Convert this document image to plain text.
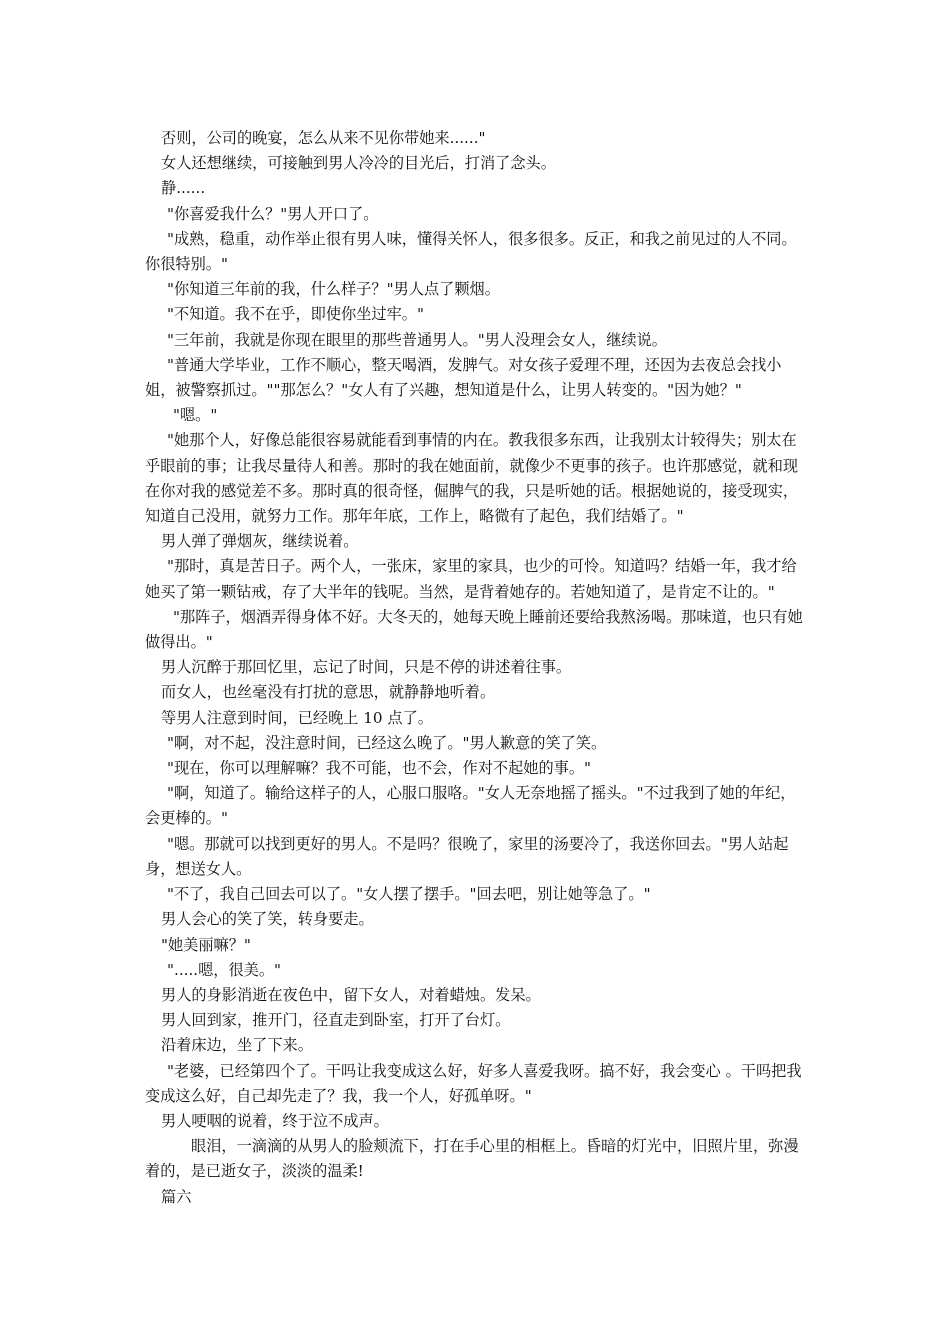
否则，公司的晚宴，怎么从来不见你带她来......"

女人还想继续，可接触到男人冷冷的目光后，打消了念头。

静......

"你喜爱我什么？"男人开口了。

"成熟，稳重，动作举止很有男人味，懂得关怀人，很多很多。反正，和我之前见过的人不同。你很特别。"

"你知道三年前的我，什么样子？"男人点了颗烟。

"不知道。我不在乎，即使你坐过牢。"

"三年前，我就是你现在眼里的那些普通男人。"男人没理会女人，继续说。

"普通大学毕业，工作不顺心，整天喝酒，发脾气。对女孩子爱理不理，还因为去夜总会找小姐，被警察抓过。""那怎么？"女人有了兴趣，想知道是什么，让男人转变的。"因为她？"

"嗯。"

"她那个人，好像总能很容易就能看到事情的内在。教我很多东西，让我别太计较得失；别太在乎眼前的事；让我尽量待人和善。那时的我在她面前，就像少不更事的孩子。也许那感觉，就和现在你对我的感觉差不多。那时真的很奇怪，倔脾气的我，只是听她的话。根据她说的，接受现实，知道自己没用，就努力工作。那年年底，工作上，略微有了起色，我们结婚了。"

男人弹了弹烟灰，继续说着。

"那时，真是苦日子。两个人，一张床，家里的家具，也少的可怜。知道吗？结婚一年，我才给她买了第一颗钻戒，存了大半年的钱呢。当然，是背着她存的。若她知道了，是肯定不让的。"

"那阵子，烟酒弄得身体不好。大冬天的，她每天晚上睡前还要给我熬汤喝。那味道，也只有她做得出。"

男人沉醉于那回忆里，忘记了时间，只是不停的讲述着往事。

而女人，也丝毫没有打扰的意思，就静静地听着。

等男人注意到时间，已经晚上 10 点了。

"啊，对不起，没注意时间，已经这么晚了。"男人歉意的笑了笑。

"现在，你可以理解嘛？我不可能，也不会，作对不起她的事。"

"啊，知道了。输给这样子的人，心服口服咯。"女人无奈地摇了摇头。"不过我到了她的年纪，会更棒的。"

"嗯。那就可以找到更好的男人。不是吗？很晚了，家里的汤要冷了，我送你回去。"男人站起身，想送女人。

"不了，我自己回去可以了。"女人摆了摆手。"回去吧，别让她等急了。"

男人会心的笑了笑，转身要走。

"她美丽嘛？"

".....嗯，很美。"

男人的身影消逝在夜色中，留下女人，对着蜡烛。发呆。

男人回到家，推开门，径直走到卧室，打开了台灯。

沿着床边，坐了下来。

"老婆，已经第四个了。干吗让我变成这么好，好多人喜爱我呀。搞不好，我会变心 。干吗把我变成这么好，自己却先走了？我，我一个人，好孤单呀。"

男人哽咽的说着，终于泣不成声。

眼泪，一滴滴的从男人的脸颊流下，打在手心里的相框上。昏暗的灯光中，旧照片里，弥漫着的，是已逝女子，淡淡的温柔!

篇六
